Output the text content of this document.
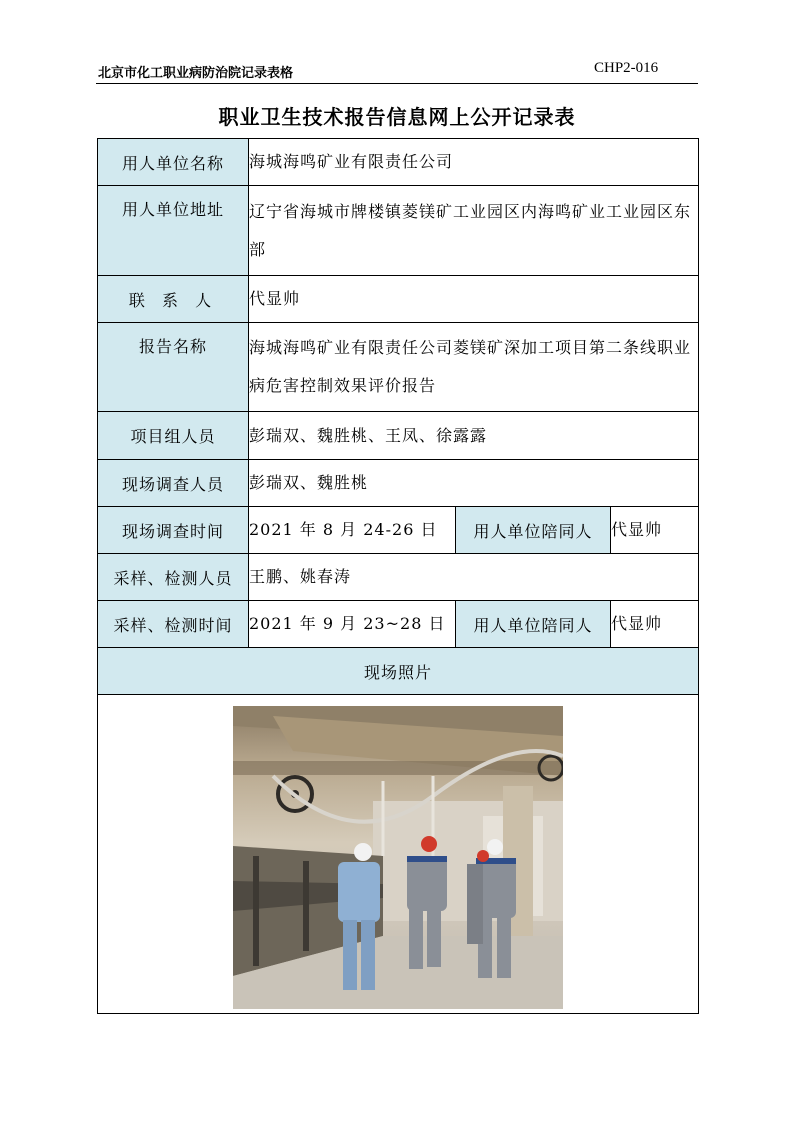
北京市化工职业病防治院记录表格	CHP2-016
职业卫生技术报告信息网上公开记录表
用人单位名称	海城海鸣矿业有限责任公司		
用人单位地址	辽宁省海城市牌楼镇菱镁矿工业园区内海鸣矿业工业园区东部		
联 系 人	代显帅		
报告名称	海城海鸣矿业有限责任公司菱镁矿深加工项目第二条线职业病危害控制效果评价报告		
项目组人员	彭瑞双、魏胜桃、王凤、徐露露		
现场调查人员	彭瑞双、魏胜桃		
现场调查时间	2021 年 8 月 24-26 日	用人单位陪同人	代显帅
采样、检测人员	王鹏、姚春涛		
采样、检测时间	2021 年 9 月 23~28 日	用人单位陪同人	代显帅
现场照片			
